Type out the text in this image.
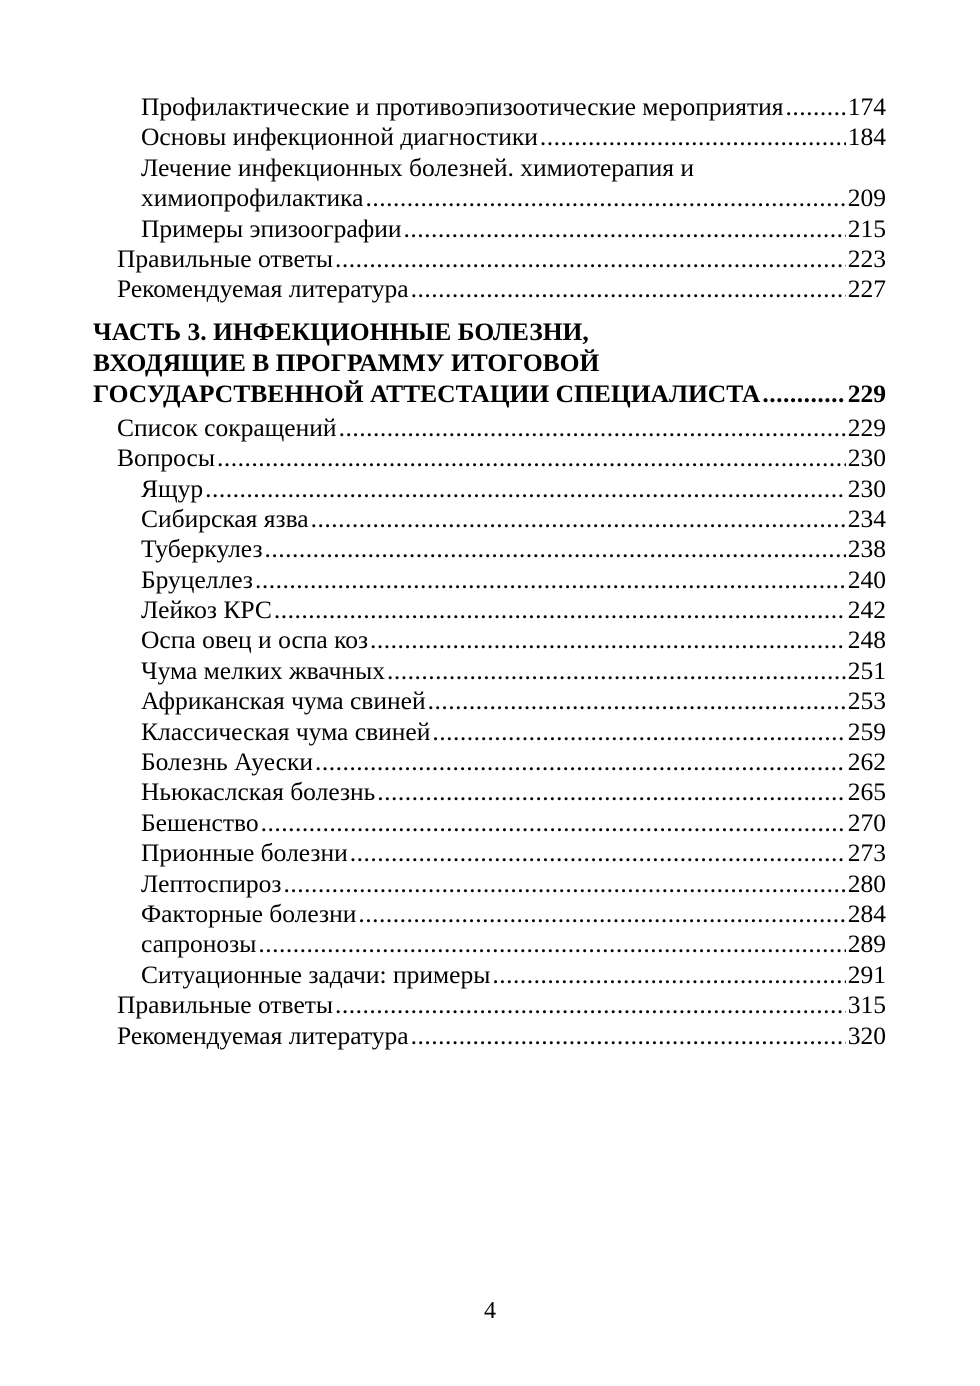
Профилактические и противоэпизоотические мероприятия .....	174
Основы инфекционной диагностики .....	184
Лечение инфекционных болезней. химиотерапия и
химиопрофилактика .....	209
Примеры эпизоографии .....	215
Правильные ответы .....	223
Рекомендуемая литература .....	227
ЧАСТЬ 3. ИНФЕКЦИОННЫЕ БОЛЕЗНИ,
ВХОДЯЩИЕ В ПРОГРАММУ ИТОГОВОЙ
ГОСУДАРСТВЕННОЙ АТТЕСТАЦИИ СПЕЦИАЛИСТА .....	229
Список сокращений .....	229
Вопросы .....	230
Ящур .....	230
Сибирская язва .....	234
Туберкулез .....	238
Бруцеллез .....	240
Лейкоз КРС .....	242
Оспа овец и оспа коз .....	248
Чума мелких жвачных .....	251
Африканская чума свиней .....	253
Классическая чума свиней .....	259
Болезнь Ауески .....	262
Ньюкаслская болезнь .....	265
Бешенство .....	270
Прионные болезни .....	273
Лептоспироз .....	280
Факторные болезни .....	284
сапронозы .....	289
Ситуационные задачи: примеры .....	291
Правильные ответы .....	315
Рекомендуемая литература .....	320
4
